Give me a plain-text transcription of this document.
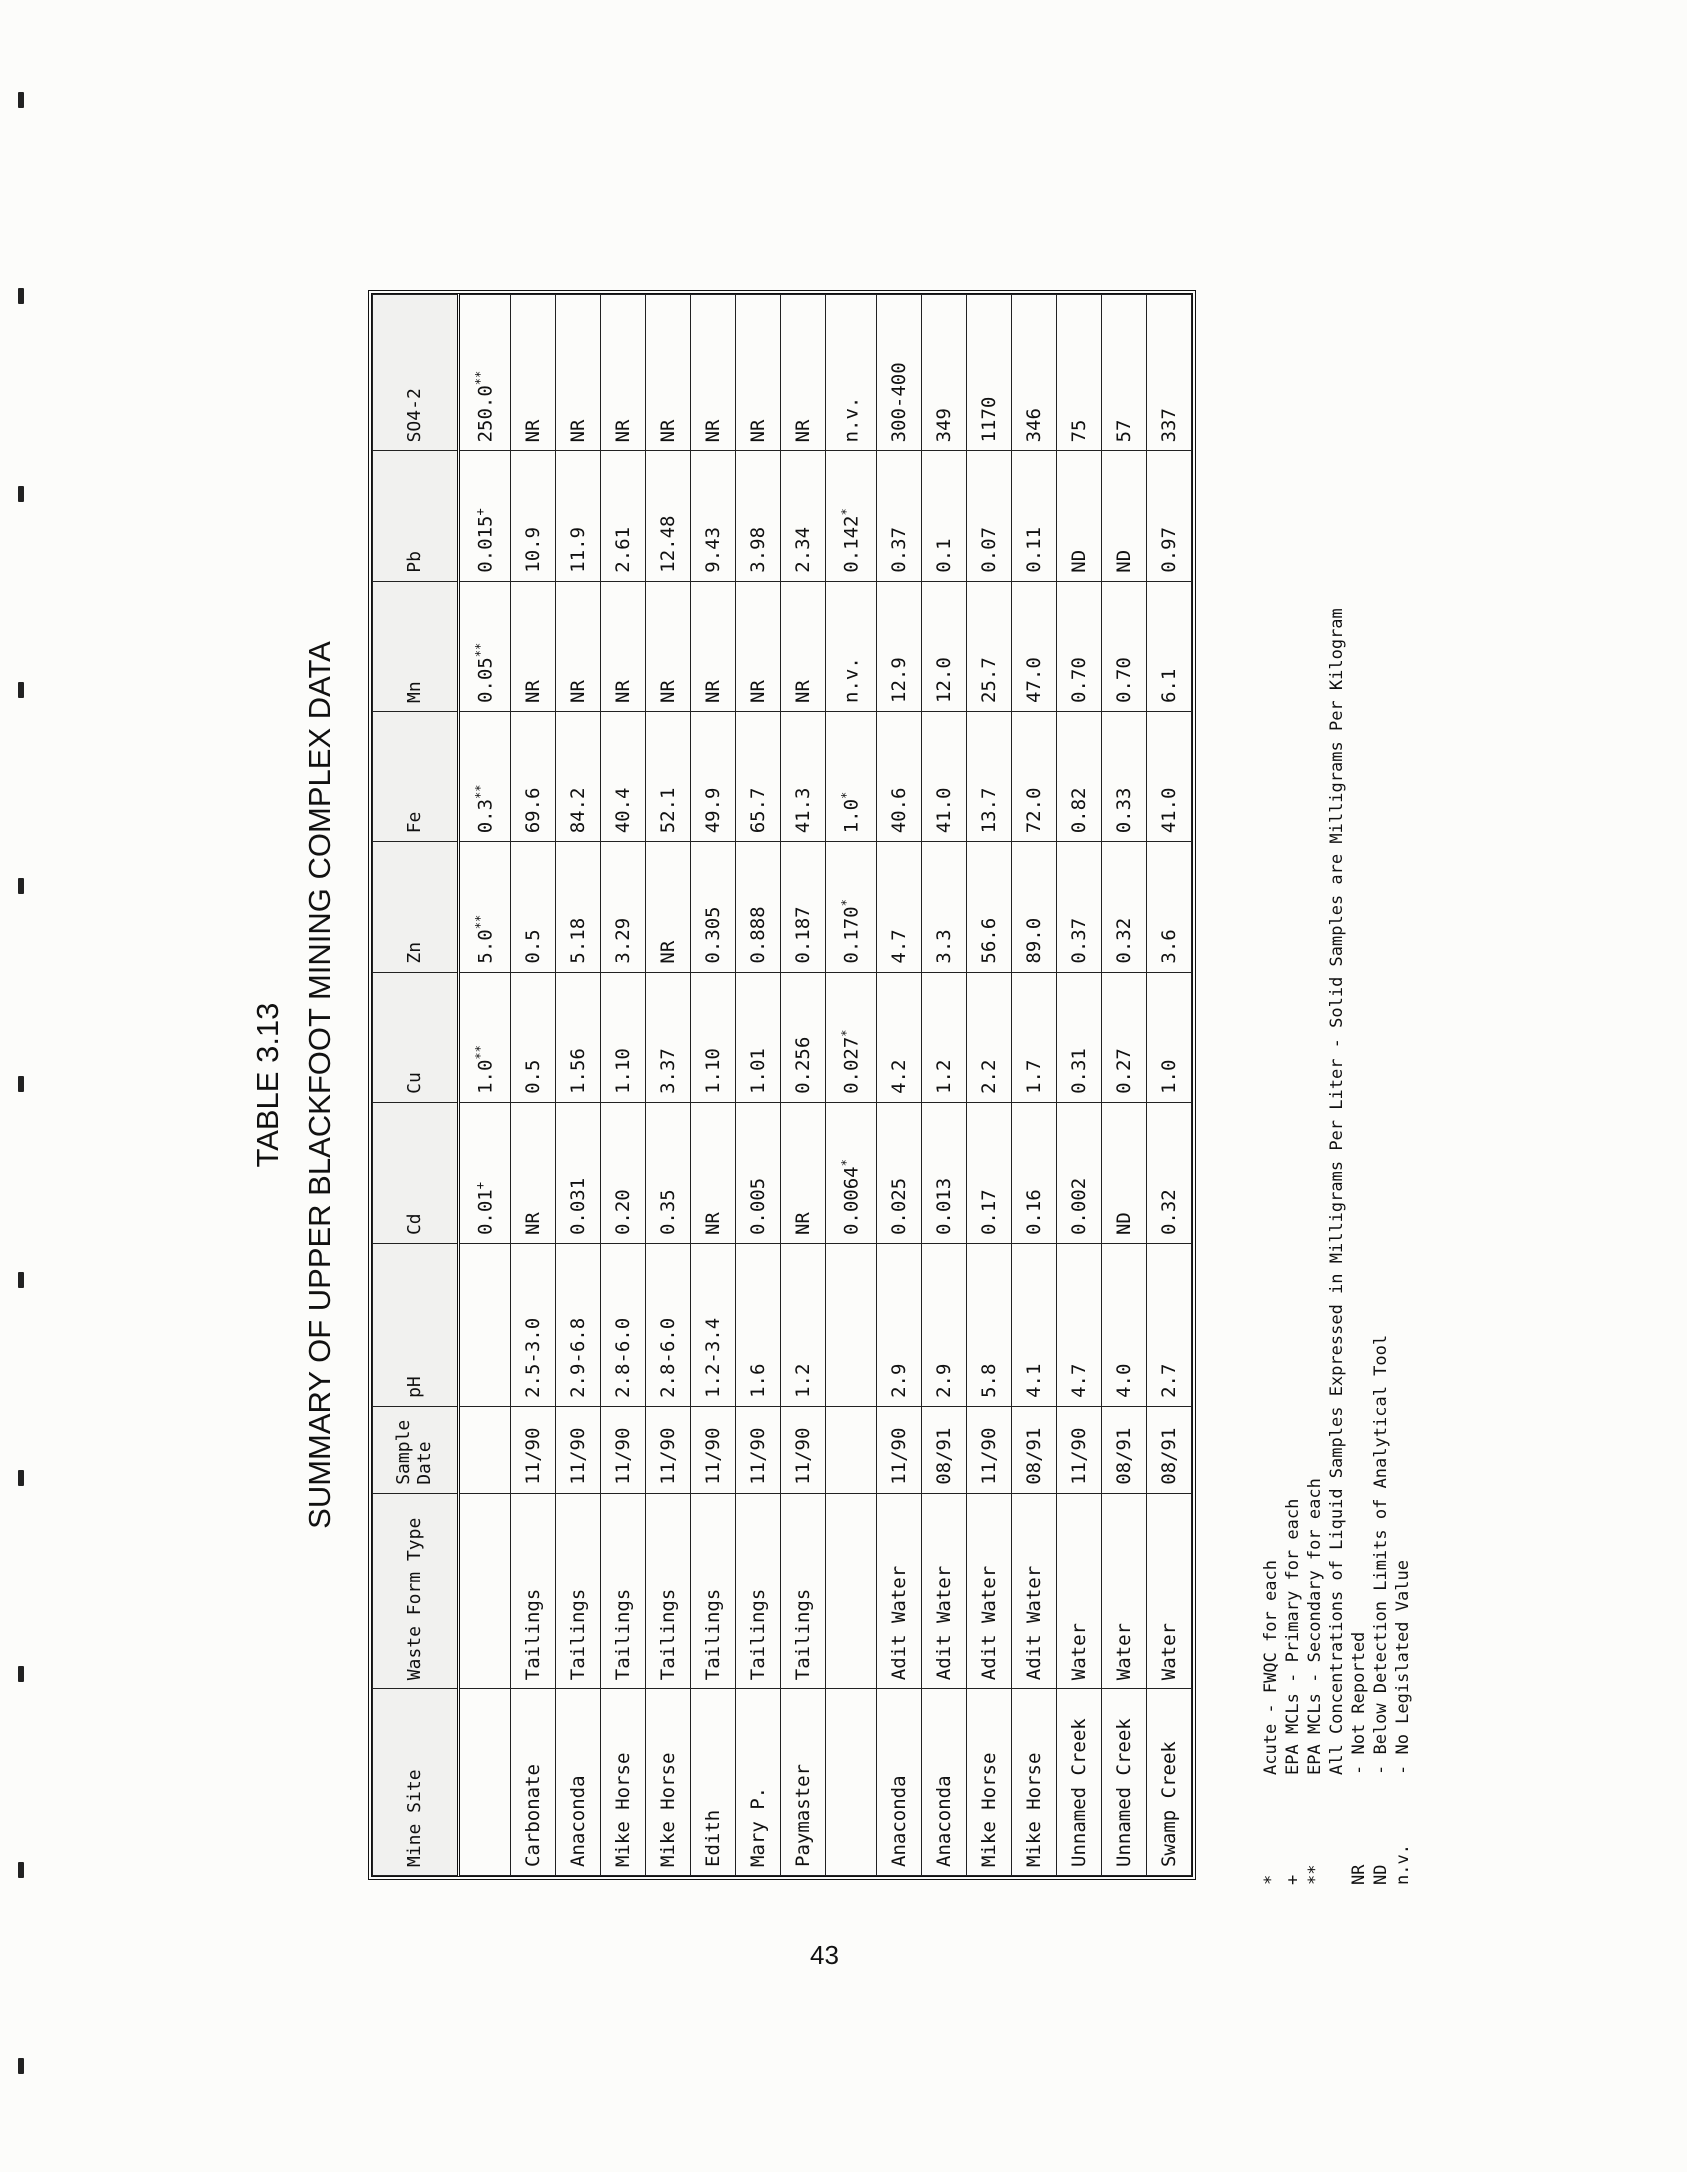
TABLE 3.13 SUMMARY OF UPPER BLACKFOOT MINING COMPLEX DATA
Mine Site	Waste Form Type	Sample Date	pH	Cd	Cu	Zn	Fe	Mn	Pb	SO4-2
				0.01+	1.0**	5.0**	0.3**	0.05**	0.015+	250.0**
Carbonate	Tailings	11/90	2.5-3.0	NR	0.5	0.5	69.6	NR	10.9	NR
Anaconda	Tailings	11/90	2.9-6.8	0.031	1.56	5.18	84.2	NR	11.9	NR
Mike Horse	Tailings	11/90	2.8-6.0	0.20	1.10	3.29	40.4	NR	2.61	NR
Mike Horse	Tailings	11/90	2.8-6.0	0.35	3.37	NR	52.1	NR	12.48	NR
Edith	Tailings	11/90	1.2-3.4	NR	1.10	0.305	49.9	NR	9.43	NR
Mary P.	Tailings	11/90	1.6	0.005	1.01	0.888	65.7	NR	3.98	NR
Paymaster	Tailings	11/90	1.2	NR	0.256	0.187	41.3	NR	2.34	NR
				0.0064*	0.027*	0.170*	1.0*	n.v.	0.142*	n.v.
Anaconda	Adit Water	11/90	2.9	0.025	4.2	4.7	40.6	12.9	0.37	300-400
Anaconda	Adit Water	08/91	2.9	0.013	1.2	3.3	41.0	12.0	0.1	349
Mike Horse	Adit Water	11/90	5.8	0.17	2.2	56.6	13.7	25.7	0.07	1170
Mike Horse	Adit Water	08/91	4.1	0.16	1.7	89.0	72.0	47.0	0.11	346
Unnamed Creek	Water	11/90	4.7	0.002	0.31	0.37	0.82	0.70	ND	75
Unnamed Creek	Water	08/91	4.0	ND	0.27	0.32	0.33	0.70	ND	57
Swamp Creek	Water	08/91	2.7	0.32	1.0	3.6	41.0	6.1	0.97	337
*
Acute - FWQC for each
+
EPA MCLs - Primary for each
**
EPA MCLs - Secondary for each All Concentrations of Liquid Samples Expressed in Milligrams Per Liter - Solid Samples are Milligrams Per Kilogram
NR
- Not Reported
ND
- Below Detection Limits of Analytical Tool
n.v.
- No Legislated Value
43
